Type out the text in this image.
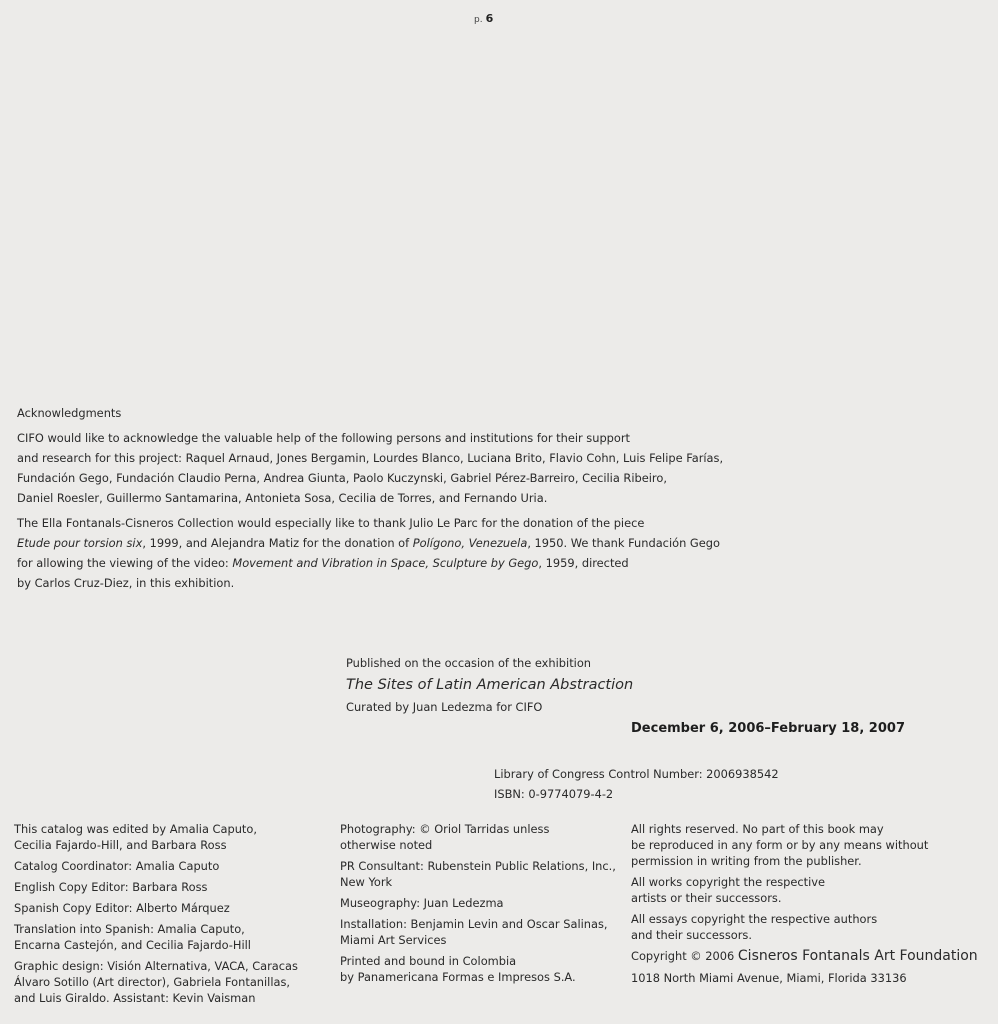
p. 6

Acknowledgments

CIFO would like to acknowledge the valuable help of the following persons and institutions for their support

and research for this project: Raquel Arnaud, Jones Bergamin, Lourdes Blanco, Luciana Brito, Flavio Cohn, Luis Felipe Farías,

Fundación Gego, Fundación Claudio Perna, Andrea Giunta, Paolo Kuczynski, Gabriel Pérez-Barreiro, Cecilia Ribeiro,

Daniel Roesler, Guillermo Santamarina, Antonieta Sosa, Cecilia de Torres, and Fernando Uria.

The Ella Fontanals-Cisneros Collection would especially like to thank Julio Le Parc for the donation of the piece

Etude pour torsion six, 1999, and Alejandra Matiz for the donation of Polígono, Venezuela, 1950. We thank Fundación Gego

for allowing the viewing of the video: Movement and Vibration in Space, Sculpture by Gego, 1959, directed

by Carlos Cruz-Diez, in this exhibition.

Published on the occasion of the exhibition
The Sites of Latin American Abstraction
Curated by Juan Ledezma for CIFO
December 6, 2006–February 18, 2007
Library of Congress Control Number: 2006938542
ISBN: 0-9774079-4-2

This catalog was edited by Amalia Caputo,
Cecilia Fajardo-Hill, and Barbara Ross

Catalog Coordinator: Amalia Caputo

English Copy Editor: Barbara Ross

Spanish Copy Editor: Alberto Márquez

Translation into Spanish: Amalia Caputo,
Encarna Castejón, and Cecilia Fajardo-Hill

Graphic design: Visión Alternativa, VACA, Caracas
Álvaro Sotillo (Art director), Gabriela Fontanillas,
and Luis Giraldo. Assistant: Kevin Vaisman

Photography: © Oriol Tarridas unless
otherwise noted

PR Consultant: Rubenstein Public Relations, Inc.,
New York

Museography: Juan Ledezma

Installation: Benjamin Levin and Oscar Salinas,
Miami Art Services

Printed and bound in Colombia
by Panamericana Formas e Impresos S.A.

All rights reserved. No part of this book may
be reproduced in any form or by any means without
permission in writing from the publisher.

All works copyright the respective
artists or their successors.

All essays copyright the respective authors
and their successors.

Copyright © 2006 Cisneros Fontanals Art Foundation

1018 North Miami Avenue, Miami, Florida 33136
